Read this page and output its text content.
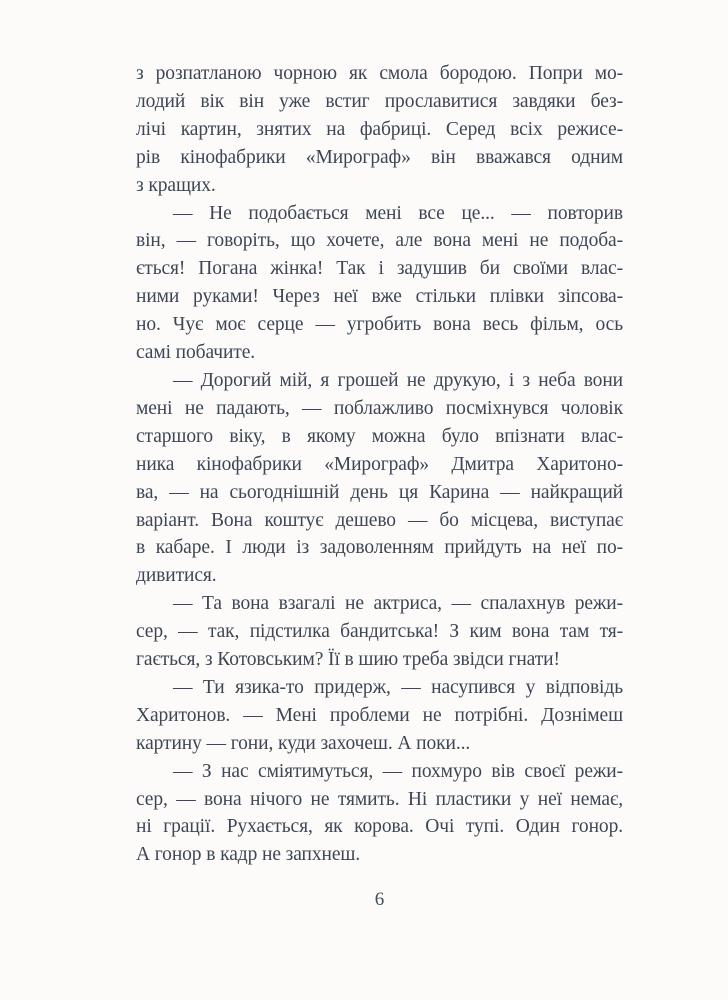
з розпатланою чорною як смола бородою. Попри мо-
лодий вік він уже встиг прославитися завдяки без-
лічі картин, знятих на фабриці. Серед всіх режисе-
рів кінофабрики «Мирограф» він вважався одним
з кращих.

— Не подобається мені все це... — повторив
він, — говоріть, що хочете, але вона мені не подоба-
ється! Погана жінка! Так і задушив би своїми влас-
ними руками! Через неї вже стільки плівки зіпсова-
но. Чує моє серце — угробить вона весь фільм, ось
самі побачите.

— Дорогий мій, я грошей не друкую, і з неба вони
мені не падають, — поблажливо посміхнувся чоловік
старшого віку, в якому можна було впізнати влас-
ника кінофабрики «Мирограф» Дмитра Харитоно-
ва, — на сьогоднішній день ця Карина — найкращий
варіант. Вона коштує дешево — бо місцева, виступає
в кабаре. І люди із задоволенням прийдуть на неї по-
дивитися.

— Та вона взагалі не актриса, — спалахнув режи-
сер, — так, підстилка бандитська! З ким вона там тя-
гається, з Котовським? Її в шию треба звідси гнати!

— Ти язика-то придерж, — насупився у відповідь
Харитонов. — Мені проблеми не потрібні. Дознімеш
картину — гони, куди захочеш. А поки...

— З нас сміятимуться, — похмуро вів своєї режи-
сер, — вона нічого не тямить. Ні пластики у неї немає,
ні грації. Рухається, як корова. Очі тупі. Один гонор.
А гонор в кадр не запхнеш.

6
